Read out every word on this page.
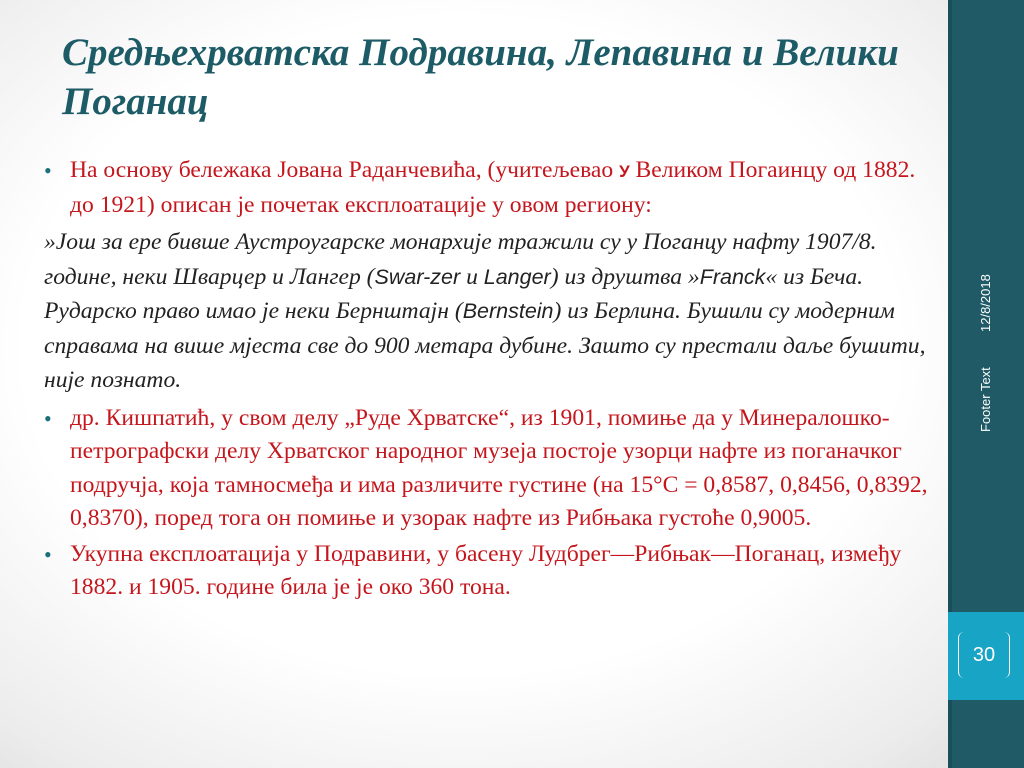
Средњехрватска Подравина, Лепавина и Велики Поганац
• На основу бележака Јована Раданчевића, (учитељевао У Великом Погаинцу од 1882. до 1921) описан је почетак експлоатације у овом региону:
»Још за ере бивше Аустроугарске монархије тражили су у Поганцу нафту 1907/8. године, неки Шварцер и Лангер (Swar-zer и Langer) из друштва »Franck« из Беча. Рударско право имао је неки Бернштајн (Bernstein) из Берлина. Бушили су модерним справама на више мјеста све до 900 метара дубине. Зашто су престали даље бушити, није познато.
• др. Кишпатић, у свом делу „Руде Хрватске“, из 1901, помиње да у Минералошко-петрографски делу Хрватског народног музеја постоје узорци нафте из поганачког подручја, која тамносмеђа и има различите густине (на 15°C = 0,8587, 0,8456, 0,8392, 0,8370), поред тога он помиње и узорак нафте из Рибњака густоће 0,9005.
• Укупна експлоатација у Подравини, у басену Лудбрег—Рибњак—Поганац, између 1882. и 1905. године била је је око 360 тона.
12/8/2018
Footer Text
30
